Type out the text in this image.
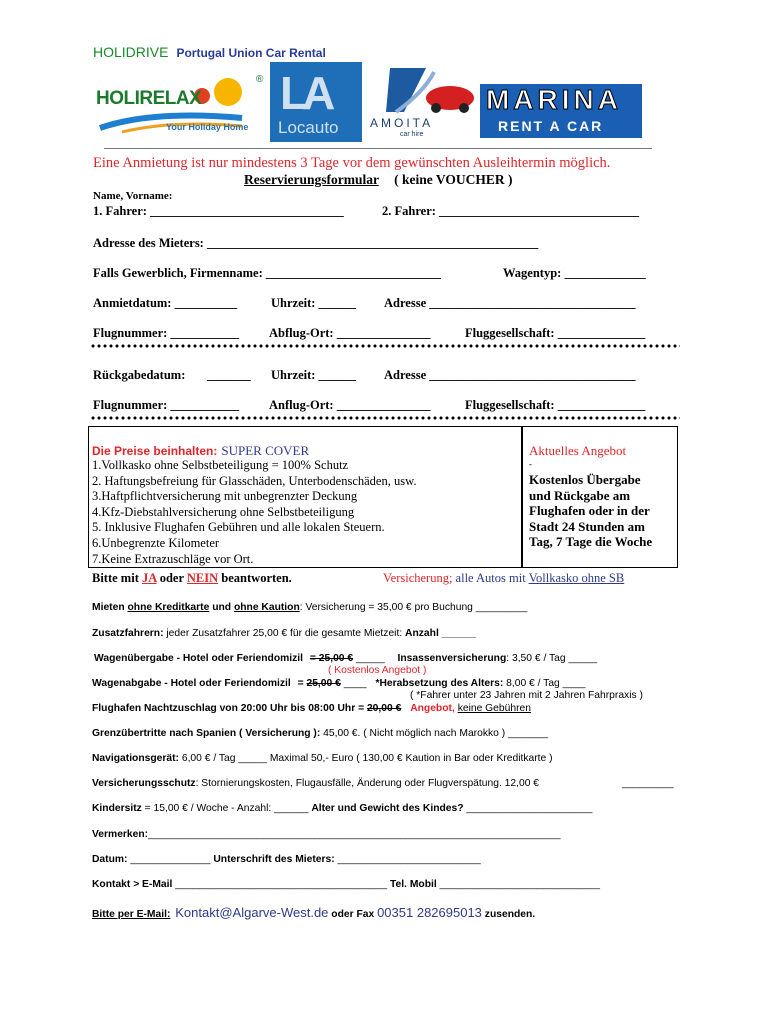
HOLIDRIVE Portugal Union Car Rental
HOLIRELAX
®
Your Holiday Home
LA
Locauto	AMOITA
car hire
MARINA
RENT A CAR
Eine Anmietung ist nur mindestens 3 Tage vor dem gewünschten Ausleihtermin möglich.
Reservierungsformular ( keine VOUCHER )
Name, Vorname:
1. Fahrer: _______________________________	2. Fahrer: ________________________________
Adresse des Mieters: _____________________________________________________
Falls Gewerblich, Firmenname: ____________________________	Wagentyp: _____________
Anmietdatum: __________	Uhrzeit: ______ Adresse _________________________________
Flugnummer: ___________ Abflug-Ort: _______________	Fluggesellschaft: ______________
Rückgabedatum: _______ Uhrzeit: ______ Adresse _________________________________
Flugnummer: ___________ Anflug-Ort: _______________	Fluggesellschaft: ______________
Die Preise beinhalten: SUPER COVER
1.Vollkasko ohne Selbstbeteiligung = 100% Schutz
2. Haftungsbefreiung für Glasschäden, Unterbodenschäden, usw.
3.Haftpflichtversicherung mit unbegrenzter Deckung
4.Kfz-Diebstahlversicherung ohne Selbstbeteiligung
5. Inklusive Flughafen Gebühren und alle lokalen Steuern.
6.Unbegrenzte Kilometer
7.Keine Extrazuschläge vor Ort.
Aktuelles Angebot
-
Kostenlos Übergabe
und Rückgabe am
Flughafen oder in der
Stadt 24 Stunden am
Tag, 7 Tage die Woche
Bitte mit JA oder NEIN beantworten.	Versicherung; alle Autos mit Vollkasko ohne SB
Mieten ohne Kreditkarte und ohne Kaution: Versicherung = 35,00 € pro Buchung _________
Zusatzfahrern: jeder Zusatzfahrer 25,00 € für die gesamte Mietzeit: Anzahl ______
Wagenübergabe - Hotel oder Feriendomizil = 25,00 € _____ Insassenversicherung: 3,50 € / Tag _____
( Kostenlos Angebot )
Wagenabgabe - Hotel oder Feriendomizil = 25,00 € ____ *Herabsetzung des Alters: 8,00 € / Tag ____
( *Fahrer unter 23 Jahren mit 2 Jahren Fahrpraxis )
Flughafen Nachtzuschlag von 20:00 Uhr bis 08:00 Uhr = 20,00 € Angebot, keine Gebühren
Grenzübertritte nach Spanien ( Versicherung ): 45,00 €. ( Nicht möglich nach Marokko ) _______
Navigationsgerät: 6,00 € / Tag _____ Maximal 50,- Euro ( 130,00 € Kaution in Bar oder Kreditkarte )
Versicherungsschutz: Stornierungskosten, Flugausfälle, Änderung oder Flugverspätung. 12,00 €	_________
Kindersitz = 15,00 € / Woche - Anzahl: ______ Alter und Gewicht des Kindes? ______________________
Vermerken:________________________________________________________________________
Datum: ______________ Unterschrift des Mieters: _________________________
Kontakt > E-Mail _____________________________________ Tel. Mobil ____________________________
Bitte per E-Mail: Kontakt@Algarve-West.de oder Fax 00351 282695013 zusenden.
